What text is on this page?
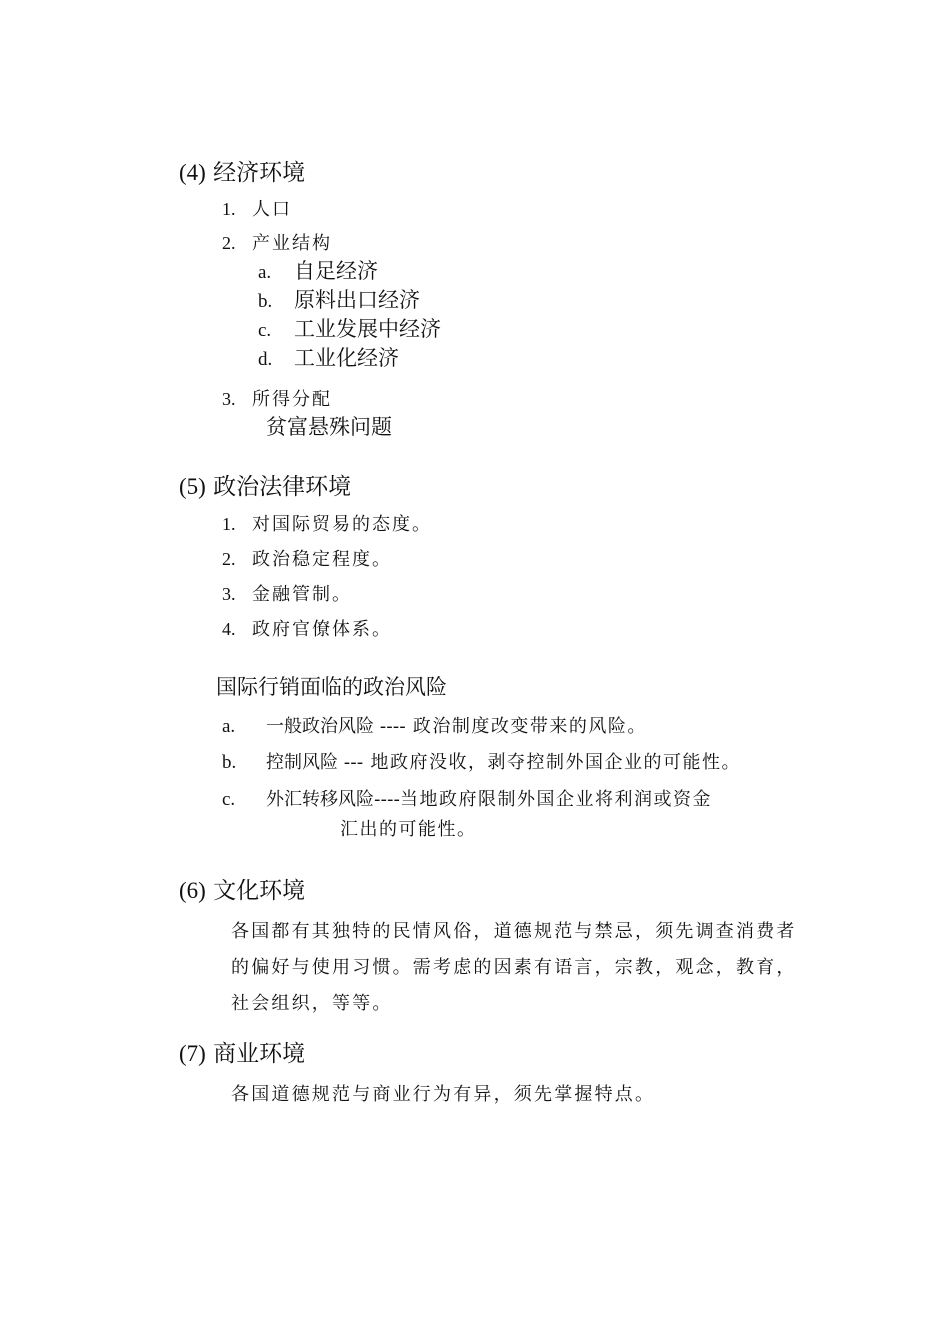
(4) 经济环境
1. 人口
2. 产业结构
a. 自足经济
b. 原料出口经济
c. 工业发展中经济
d. 工业化经济
3. 所得分配
贫富悬殊问题
(5) 政治法律环境
1. 对国际贸易的态度。
2. 政治稳定程度。
3. 金融管制。
4. 政府官僚体系。
国际行销面临的政治风险
a. 一般政治风险 ---- 政治制度改变带来的风险。
b. 控制风险 --- 地政府没收，剥夺控制外国企业的可能性。
c. 外汇转移风险----当地政府限制外国企业将利润或资金
汇出的可能性。
(6) 文化环境
各国都有其独特的民情风俗，道德规范与禁忌，须先调查消费者的偏好与使用习惯。需考虑的因素有语言，宗教，观念，教育，社会组织，等等。
(7) 商业环境
各国道德规范与商业行为有异，须先掌握特点。
